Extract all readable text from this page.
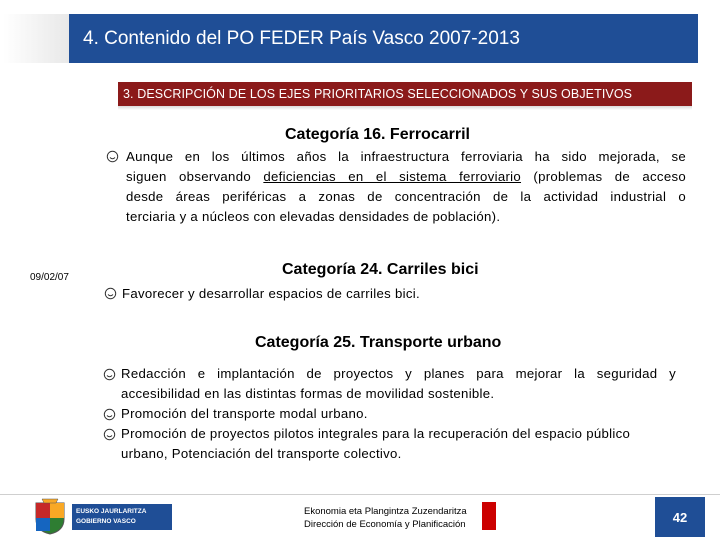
4. Contenido del PO FEDER País Vasco 2007-2013
3. DESCRIPCIÓN DE LOS EJES PRIORITARIOS SELECCIONADOS Y SUS OBJETIVOS
Categoría 16. Ferrocarril
Aunque en los últimos años la infraestructura ferroviaria ha sido mejorada, se
siguen observando deficiencias en el sistema ferroviario (problemas de acceso
desde áreas periféricas a zonas de concentración de la actividad industrial o
terciaria y a núcleos con elevadas densidades de población).
09/02/07	Categoría 24. Carriles bici
Favorecer y desarrollar espacios de carriles bici.
Categoría 25. Transporte urbano
Redacción e implantación de proyectos y planes para mejorar la seguridad y
accesibilidad en las distintas formas de movilidad sostenible.
Promoción del transporte modal urbano.
Promoción de proyectos pilotos integrales para la recuperación del espacio público
urbano, Potenciación del transporte colectivo.
EUSKO JAURLARITZA
GOBIERNO VASCO
Ekonomia eta Plangintza Zuzendaritza
Dirección de Economía y Planificación	42
